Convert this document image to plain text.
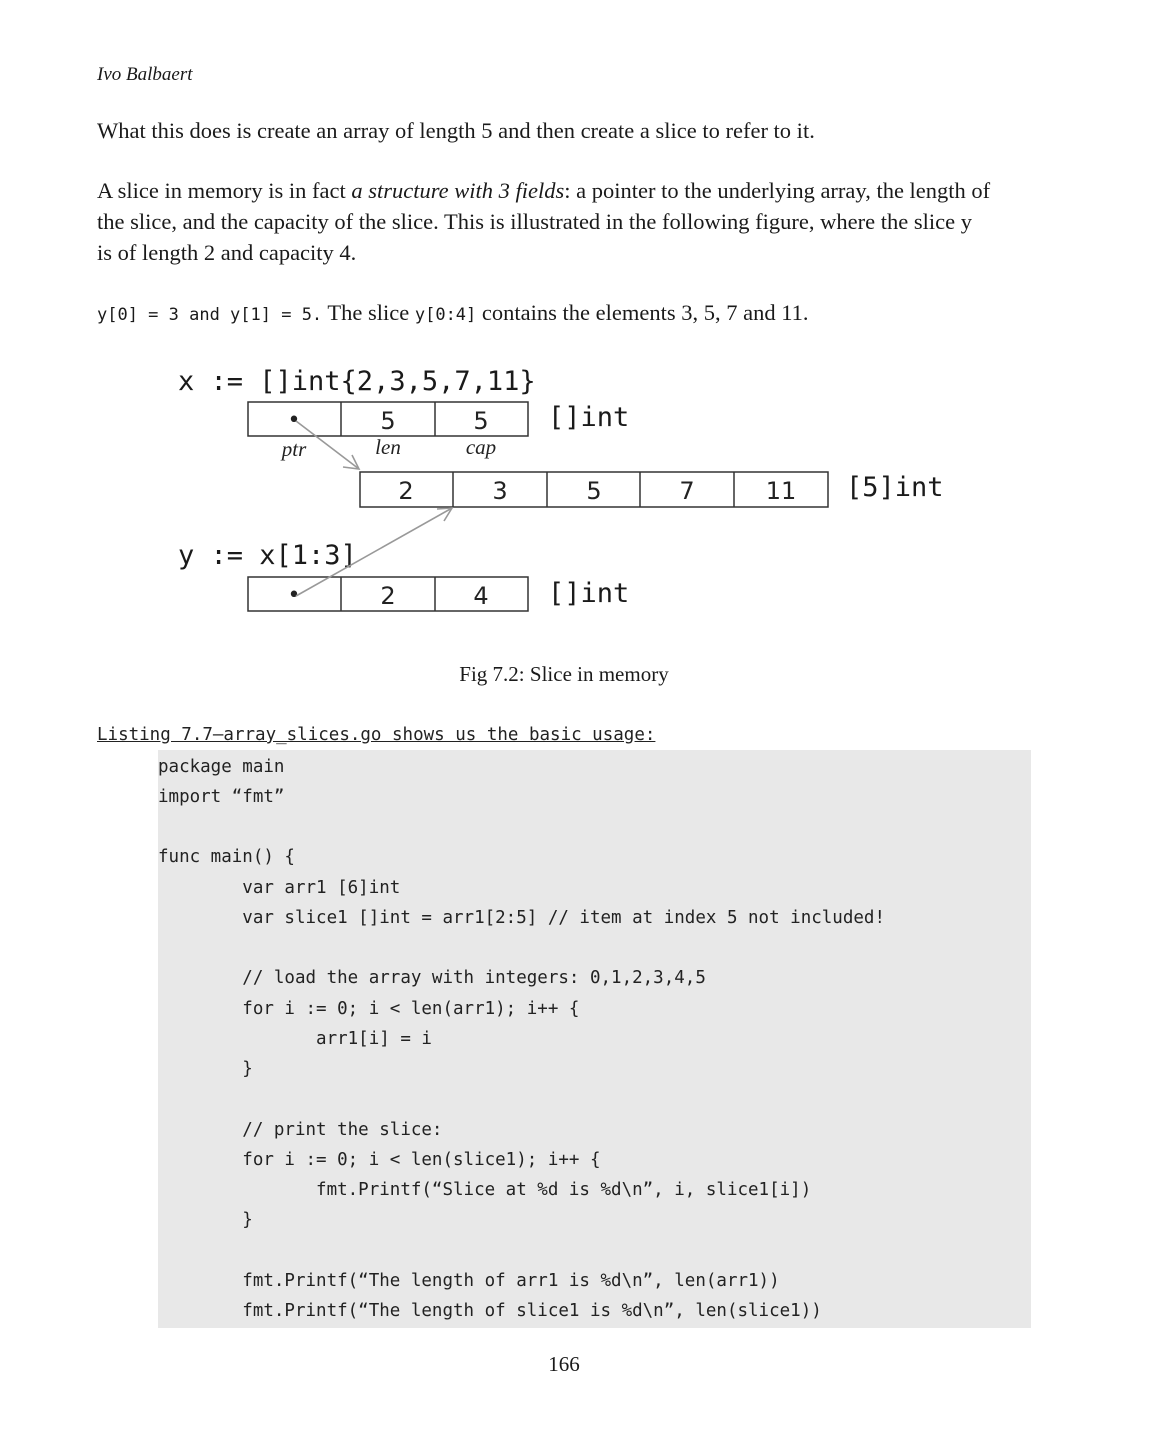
Ivo Balbaert
What this does is create an array of length 5 and then create a slice to refer to it.
A slice in memory is in fact a structure with 3 fields: a pointer to the underlying array, the length of
the slice, and the capacity of the slice. This is illustrated in the following figure, where the slice y
is of length 2 and capacity 4.
y[0] = 3 and y[1] = 5. The slice y[0:4] contains the elements 3, 5, 7 and 11.
x := []int{2,3,5,7,11}
•	5	5 []int
ptr	len	cap
2	3	5	7	11 [5]int
y := x[1:3]
•	2	4 []int
Fig 7.2: Slice in memory
Listing 7.7—array_slices.go shows us the basic usage:
package main
import “fmt”
func main() {
var arr1 [6]int
var slice1 []int = arr1[2:5] // item at index 5 not included!
// load the array with integers: 0,1,2,3,4,5
for i := 0; i < len(arr1); i++ {
arr1[i] = i
}
// print the slice:
for i := 0; i < len(slice1); i++ {
fmt.Printf(“Slice at %d is %d\n”, i, slice1[i])
}
fmt.Printf(“The length of arr1 is %d\n”, len(arr1))
fmt.Printf(“The length of slice1 is %d\n”, len(slice1))
166
